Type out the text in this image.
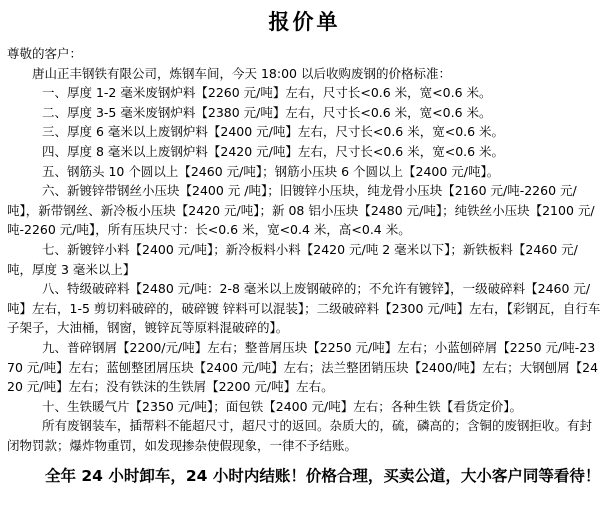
报价单
尊敬的客户：
唐山正丰钢铁有限公司，炼钢车间，今天 18:00 以后收购废钢的价格标准：
一、厚度 1-2 毫米废钢炉料【2260 元/吨】左右，尺寸长<0.6 米，宽<0.6 米。
二、厚度 3-5 毫米废钢炉料【2380 元/吨】左右，尺寸长<0.6 米，宽<0.6 米。
三、厚度 6 毫米以上废钢炉料【2400 元/吨】左右，尺寸长<0.6 米，宽<0.6 米。
四、厚度 8 毫米以上废钢炉料【2420 元/吨】左右，尺寸长<0.6 米，宽<0.6 米。
五、钢筋头 10 个圆以上【2460 元/吨】；钢筋小压块 6 个圆以上【2400 元/吨】。
六、新镀锌带钢丝小压块【2400 元 /吨】；旧镀锌小压块，纯龙骨小压块【2160 元/吨-2260 元/吨】，新带钢丝、新冷板小压块【2420 元/吨】；新 08 铝小压块【2480 元/吨】；纯铁丝小压块【2100 元/吨-2260 元/吨】，所有压块尺寸：长<0.6 米，宽<0.4 米，高<0.4 米。
七、新镀锌小料【2400 元/吨】；新冷板料小料【2420 元/吨 2 毫米以下】；新铁板料【2460 元/吨，厚度 3 毫米以上】
八、特级破碎料【2480 元/吨：2-8 毫米以上废钢破碎的；不允许有镀锌】，一级破碎料【2460 元/吨】左右，1-5 剪切料破碎的，破碎镀 锌料可以混装】；二级破碎料【2300 元/吨】左右，【彩钢瓦，自行车子架子，大油桶，钢窗，镀锌瓦等原料混破碎的】。
九、普碎钢屑【2200/元/吨】左右；整普屑压块【2250 元/吨】左右；小蓝刨碎屑【2250 元/吨-2370 元/吨】左右；蓝刨整团屑压块【2400 元/吨】左右；法兰整团销压块【2400/吨】左右；大钢刨屑【2420 元/吨】左右；没有铁沫的生铁屑【2200 元/吨】左右。
十、生铁暖气片【2350 元/吨】；面包铁【2400 元/吨】左右；各种生铁【看货定价】。
所有废钢装车，插帮料不能超尺寸，超尺寸的返回。杂质大的，硫，磷高的；含铜的废钢拒收。有封闭物罚款；爆炸物重罚，如发现掺杂使假现象，一律不予结账。
全年 24 小时卸车，24 小时内结账！价格合理，买卖公道，大小客户同等看待！
